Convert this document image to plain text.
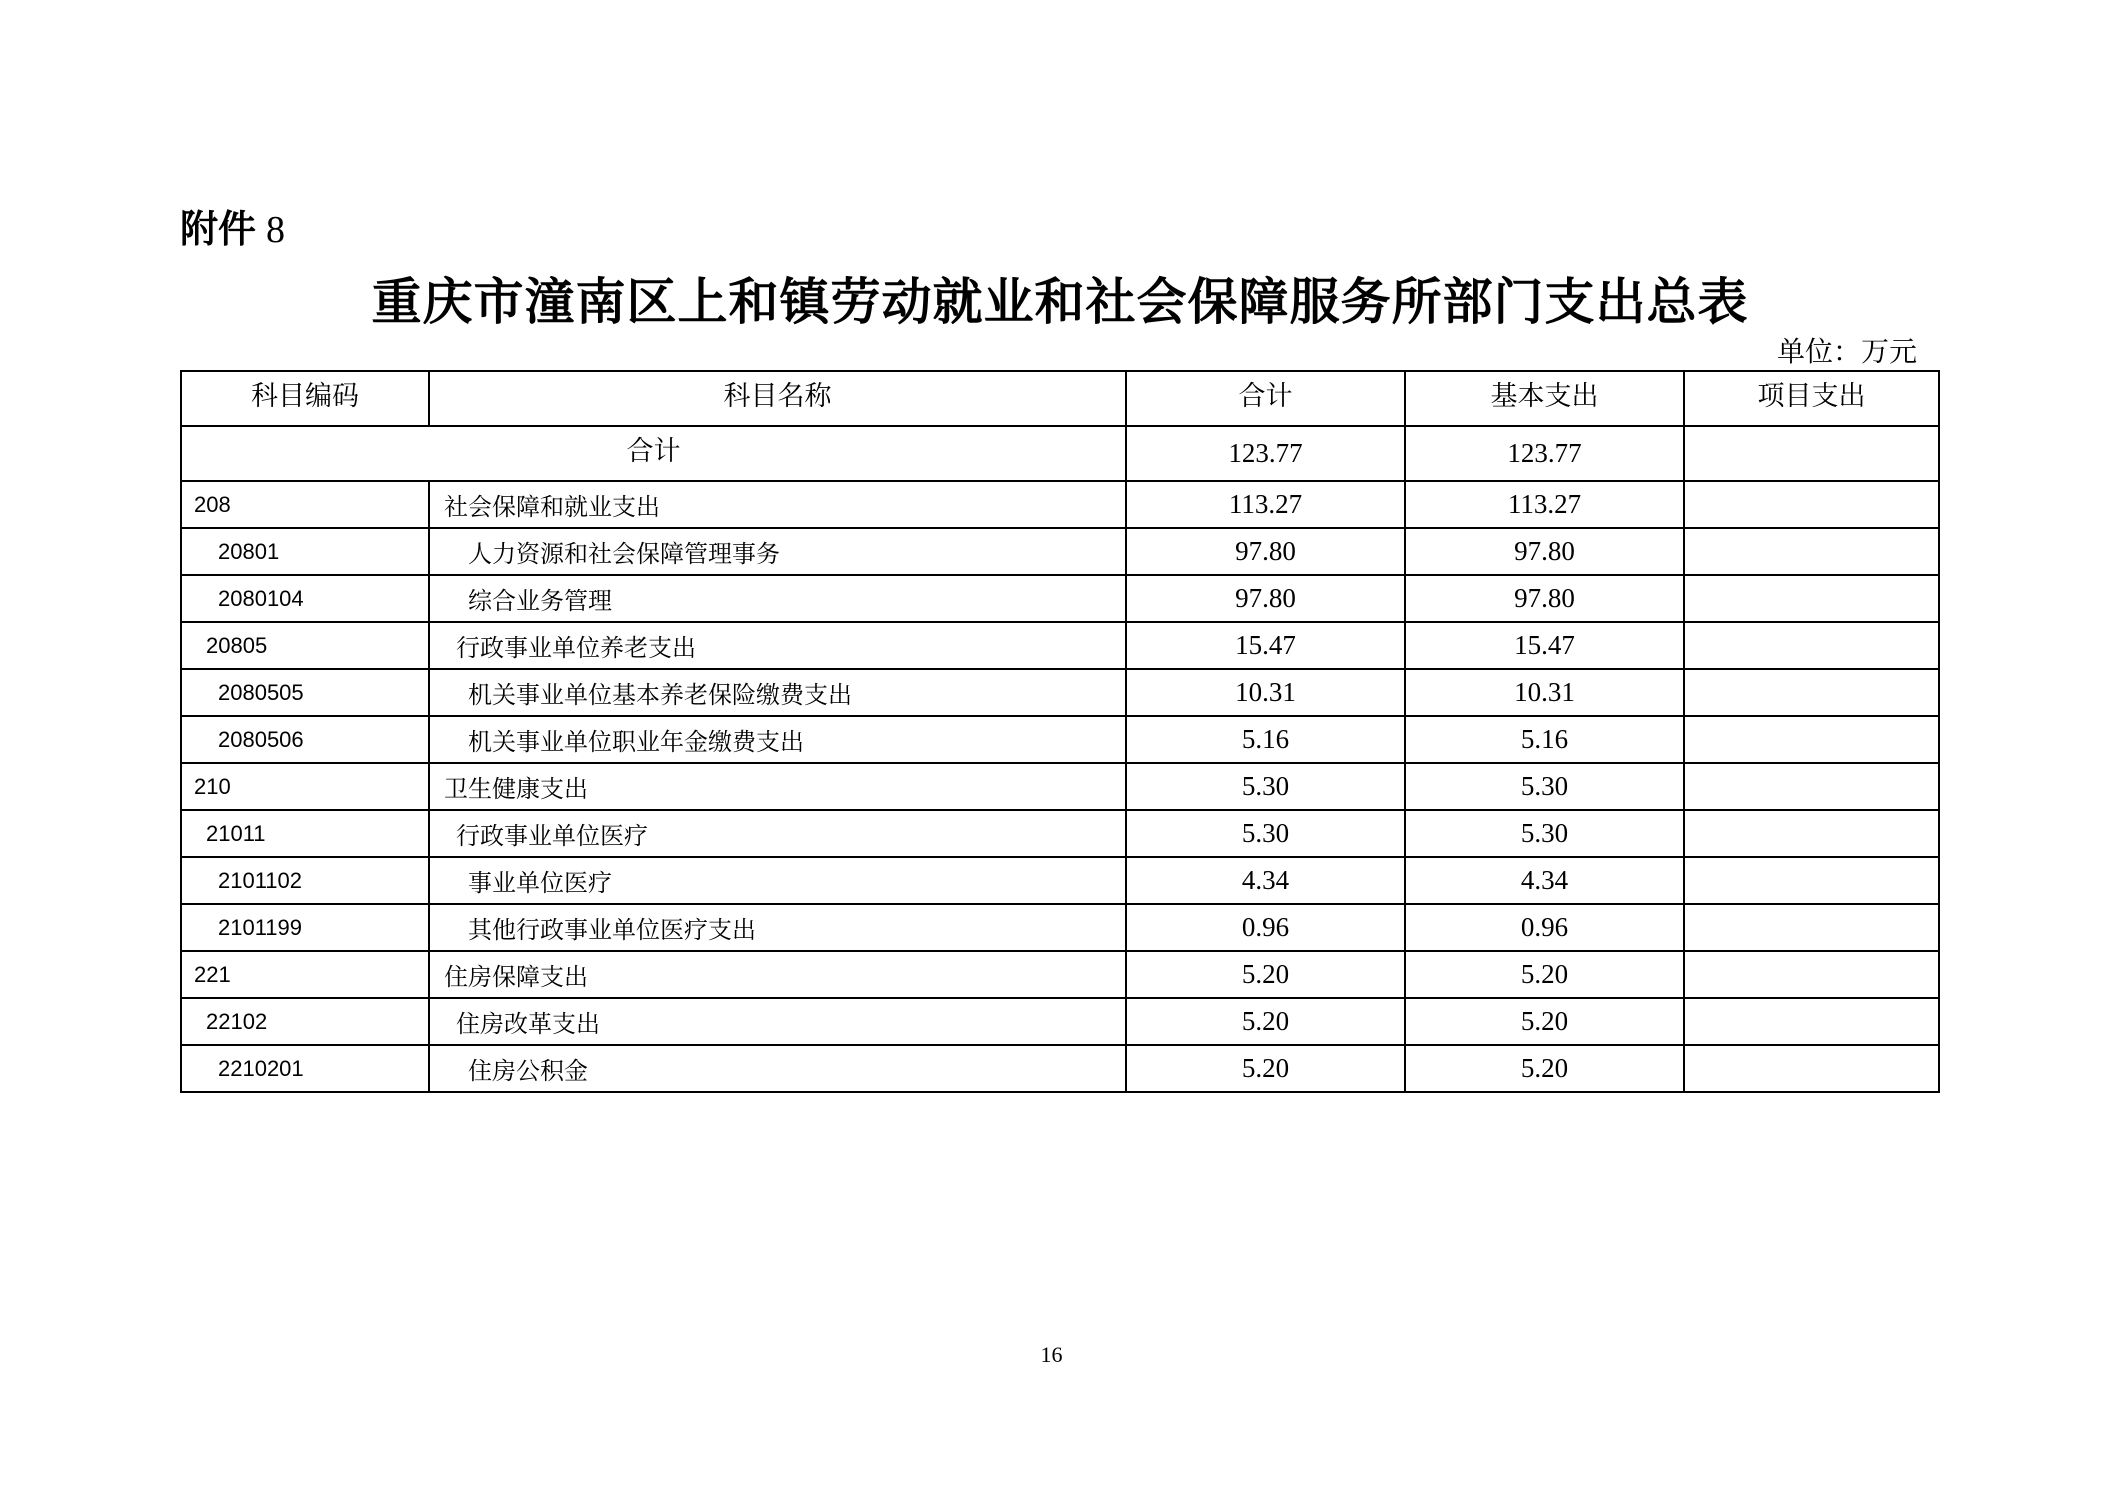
附件 8
重庆市潼南区上和镇劳动就业和社会保障服务所部门支出总表
单位：万元
科目编码	科目名称	合计	基本支出	项目支出
合计		123.77	123.77	
208	社会保障和就业支出	113.27	113.27	
20801	人力资源和社会保障管理事务	97.80	97.80	
2080104	综合业务管理	97.80	97.80	
20805	行政事业单位养老支出	15.47	15.47	
2080505	机关事业单位基本养老保险缴费支出	10.31	10.31	
2080506	机关事业单位职业年金缴费支出	5.16	5.16	
210	卫生健康支出	5.30	5.30	
21011	行政事业单位医疗	5.30	5.30	
2101102	事业单位医疗	4.34	4.34	
2101199	其他行政事业单位医疗支出	0.96	0.96	
221	住房保障支出	5.20	5.20	
22102	住房改革支出	5.20	5.20	
2210201	住房公积金	5.20	5.20	
16
